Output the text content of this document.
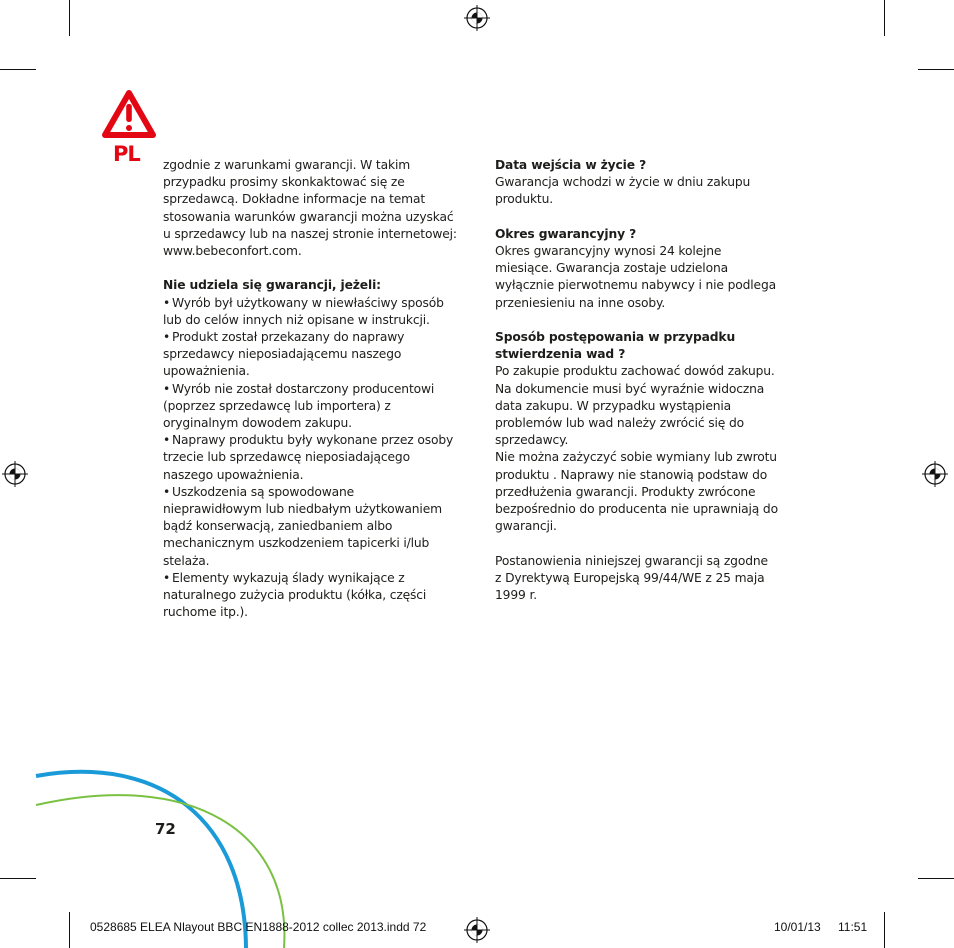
PL zgodnie z warunkami gwarancji. W takim

przypadku prosimy skonkaktować się ze

sprzedawcą. Dokładne informacje na temat

stosowania warunków gwarancji można uzyskać

u sprzedawcy lub na naszej stronie internetowej:

www.bebeconfort.com.

Nie udziela się gwarancji, jeżeli:

• Wyrób był użytkowany w niewłaściwy sposób

lub do celów innych niż opisane w instrukcji.

• Produkt został przekazany do naprawy

sprzedawcy nieposiadającemu naszego

upoważnienia.

• Wyrób nie został dostarczony producentowi

(poprzez sprzedawcę lub importera) z

oryginalnym dowodem zakupu.

• Naprawy produktu były wykonane przez osoby

trzecie lub sprzedawcę nieposiadającego

naszego upoważnienia.

• Uszkodzenia są spowodowane

nieprawidłowym lub niedbałym użytkowaniem

bądź konserwacją, zaniedbaniem albo

mechanicznym uszkodzeniem tapicerki i/lub

stelaża.

• Elementy wykazują ślady wynikające z

naturalnego zużycia produktu (kółka, części

ruchome itp.).

Data wejścia w życie ?

Gwarancja wchodzi w życie w dniu zakupu

produktu.

Okres gwarancyjny ?

Okres gwarancyjny wynosi 24 kolejne

miesiące. Gwarancja zostaje udzielona

wyłącznie pierwotnemu nabywcy i nie podlega

przeniesieniu na inne osoby.

Sposób postępowania w przypadku

stwierdzenia wad ?

Po zakupie produktu zachować dowód zakupu.

Na dokumencie musi być wyraźnie widoczna

data zakupu. W przypadku wystąpienia

problemów lub wad należy zwrócić się do

sprzedawcy.

Nie można zażyczyć sobie wymiany lub zwrotu

produktu . Naprawy nie stanowią podstaw do

przedłużenia gwarancji. Produkty zwrócone

bezpośrednio do producenta nie uprawniają do

gwarancji.

Postanowienia niniejszej gwarancji są zgodne

z Dyrektywą Europejską 99/44/WE z 25 maja

1999 r.

72
0528685 ELEA Nlayout BBC EN1888-2012 collec 2013.indd 72	10/01/13 11:51
